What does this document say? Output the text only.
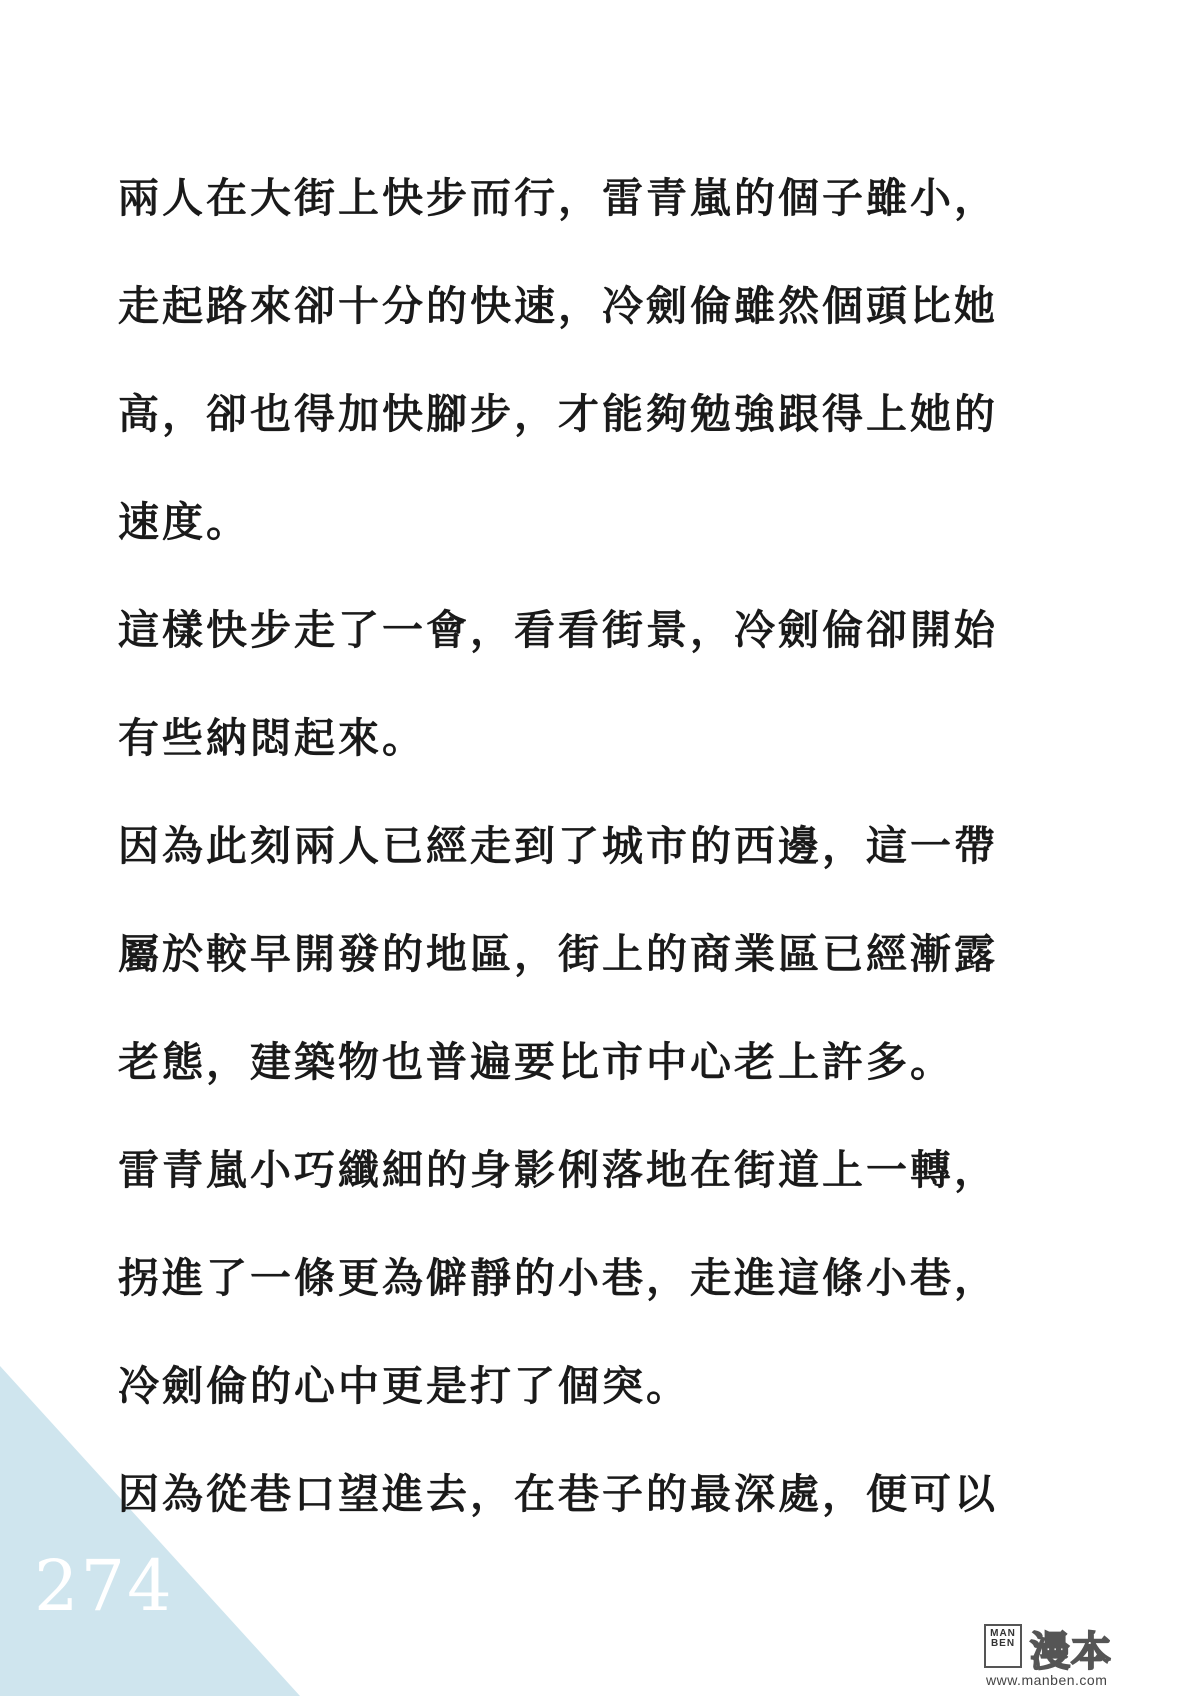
兩人在大街上快步而行，雷青嵐的個子雖小，
走起路來卻十分的快速，冷劍倫雖然個頭比她
高，卻也得加快腳步，才能夠勉強跟得上她的
速度。
這樣快步走了一會，看看街景，冷劍倫卻開始
有些納悶起來。
因為此刻兩人已經走到了城市的西邊，這一帶
屬於較早開發的地區，街上的商業區已經漸露
老態，建築物也普遍要比市中心老上許多。
雷青嵐小巧纖細的身影俐落地在街道上一轉，
拐進了一條更為僻靜的小巷，走進這條小巷，
冷劍倫的心中更是打了個突。
因為從巷口望進去，在巷子的最深處，便可以
274
MAN BEN 漫本
www.manben.com
